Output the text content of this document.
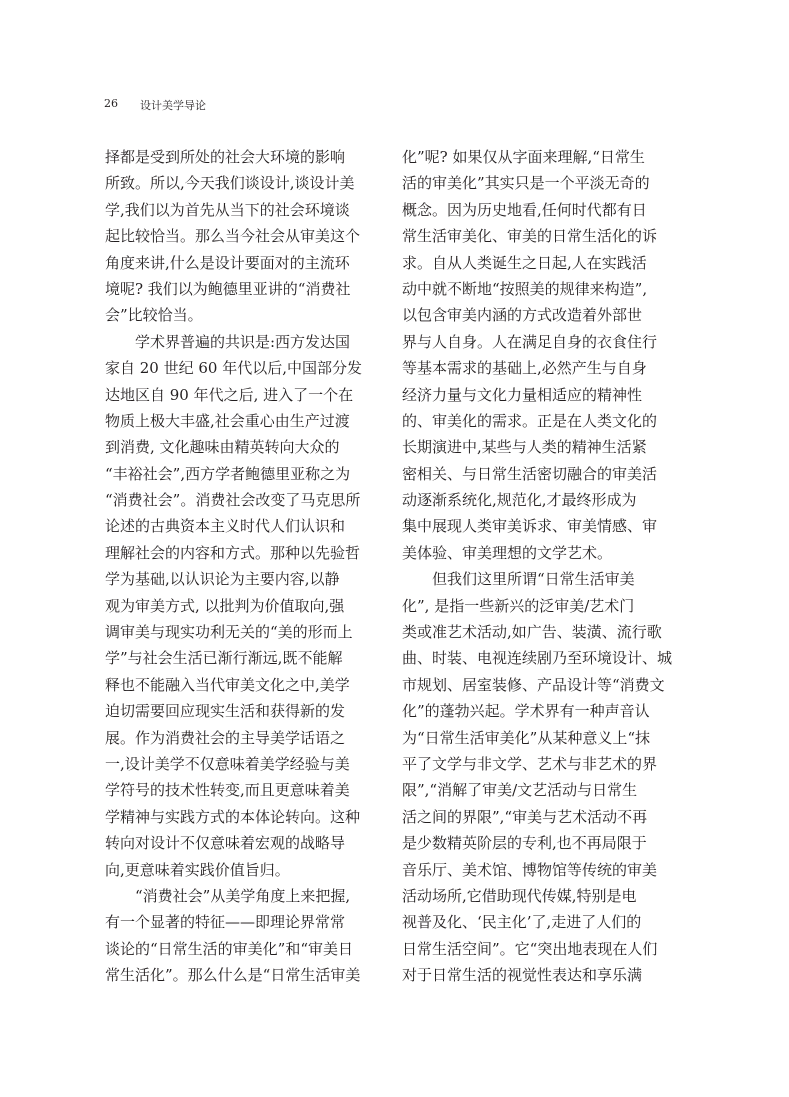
26 设计美学导论
择都是受到所处的社会大环境的影响
所致。所以,今天我们谈设计,谈设计美
学,我们以为首先从当下的社会环境谈
起比较恰当。那么当今社会从审美这个
角度来讲,什么是设计要面对的主流环
境呢? 我们以为鲍德里亚讲的“消费社
会”比较恰当。
学术界普遍的共识是:西方发达国
家自 20 世纪 60 年代以后,中国部分发
达地区自 90 年代之后, 进入了一个在
物质上极大丰盛,社会重心由生产过渡
到消费, 文化趣味由精英转向大众的
“丰裕社会”,西方学者鲍德里亚称之为
“消费社会”。消费社会改变了马克思所
论述的古典资本主义时代人们认识和
理解社会的内容和方式。那种以先验哲
学为基础,以认识论为主要内容,以静
观为审美方式, 以批判为价值取向,强
调审美与现实功利无关的“美的形而上
学”与社会生活已渐行渐远,既不能解
释也不能融入当代审美文化之中,美学
迫切需要回应现实生活和获得新的发
展。作为消费社会的主导美学话语之
一,设计美学不仅意味着美学经验与美
学符号的技术性转变,而且更意味着美
学精神与实践方式的本体论转向。这种
转向对设计不仅意味着宏观的战略导
向,更意味着实践价值旨归。
“消费社会”从美学角度上来把握,
有一个显著的特征——即理论界常常
谈论的“日常生活的审美化”和“审美日
常生活化”。那么什么是“日常生活审美
化”呢? 如果仅从字面来理解,“日常生
活的审美化”其实只是一个平淡无奇的
概念。因为历史地看,任何时代都有日
常生活审美化、审美的日常生活化的诉
求。自从人类诞生之日起,人在实践活
动中就不断地“按照美的规律来构造”,
以包含审美内涵的方式改造着外部世
界与人自身。人在满足自身的衣食住行
等基本需求的基础上,必然产生与自身
经济力量与文化力量相适应的精神性
的、审美化的需求。正是在人类文化的
长期演进中,某些与人类的精神生活紧
密相关、与日常生活密切融合的审美活
动逐渐系统化,规范化,才最终形成为
集中展现人类审美诉求、审美情感、审
美体验、审美理想的文学艺术。
但我们这里所谓“日常生活审美
化”, 是指一些新兴的泛审美/艺术门
类或准艺术活动,如广告、装潢、流行歌
曲、时装、电视连续剧乃至环境设计、城
市规划、居室装修、产品设计等“消费文
化”的蓬勃兴起。学术界有一种声音认
为“日常生活审美化”从某种意义上“抹
平了文学与非文学、艺术与非艺术的界
限”,“消解了审美/文艺活动与日常生
活之间的界限”,“审美与艺术活动不再
是少数精英阶层的专利,也不再局限于
音乐厅、美术馆、博物馆等传统的审美
活动场所,它借助现代传媒,特别是电
视普及化、‘民主化’了,走进了人们的
日常生活空间”。它“突出地表现在人们
对于日常生活的视觉性表达和享乐满
